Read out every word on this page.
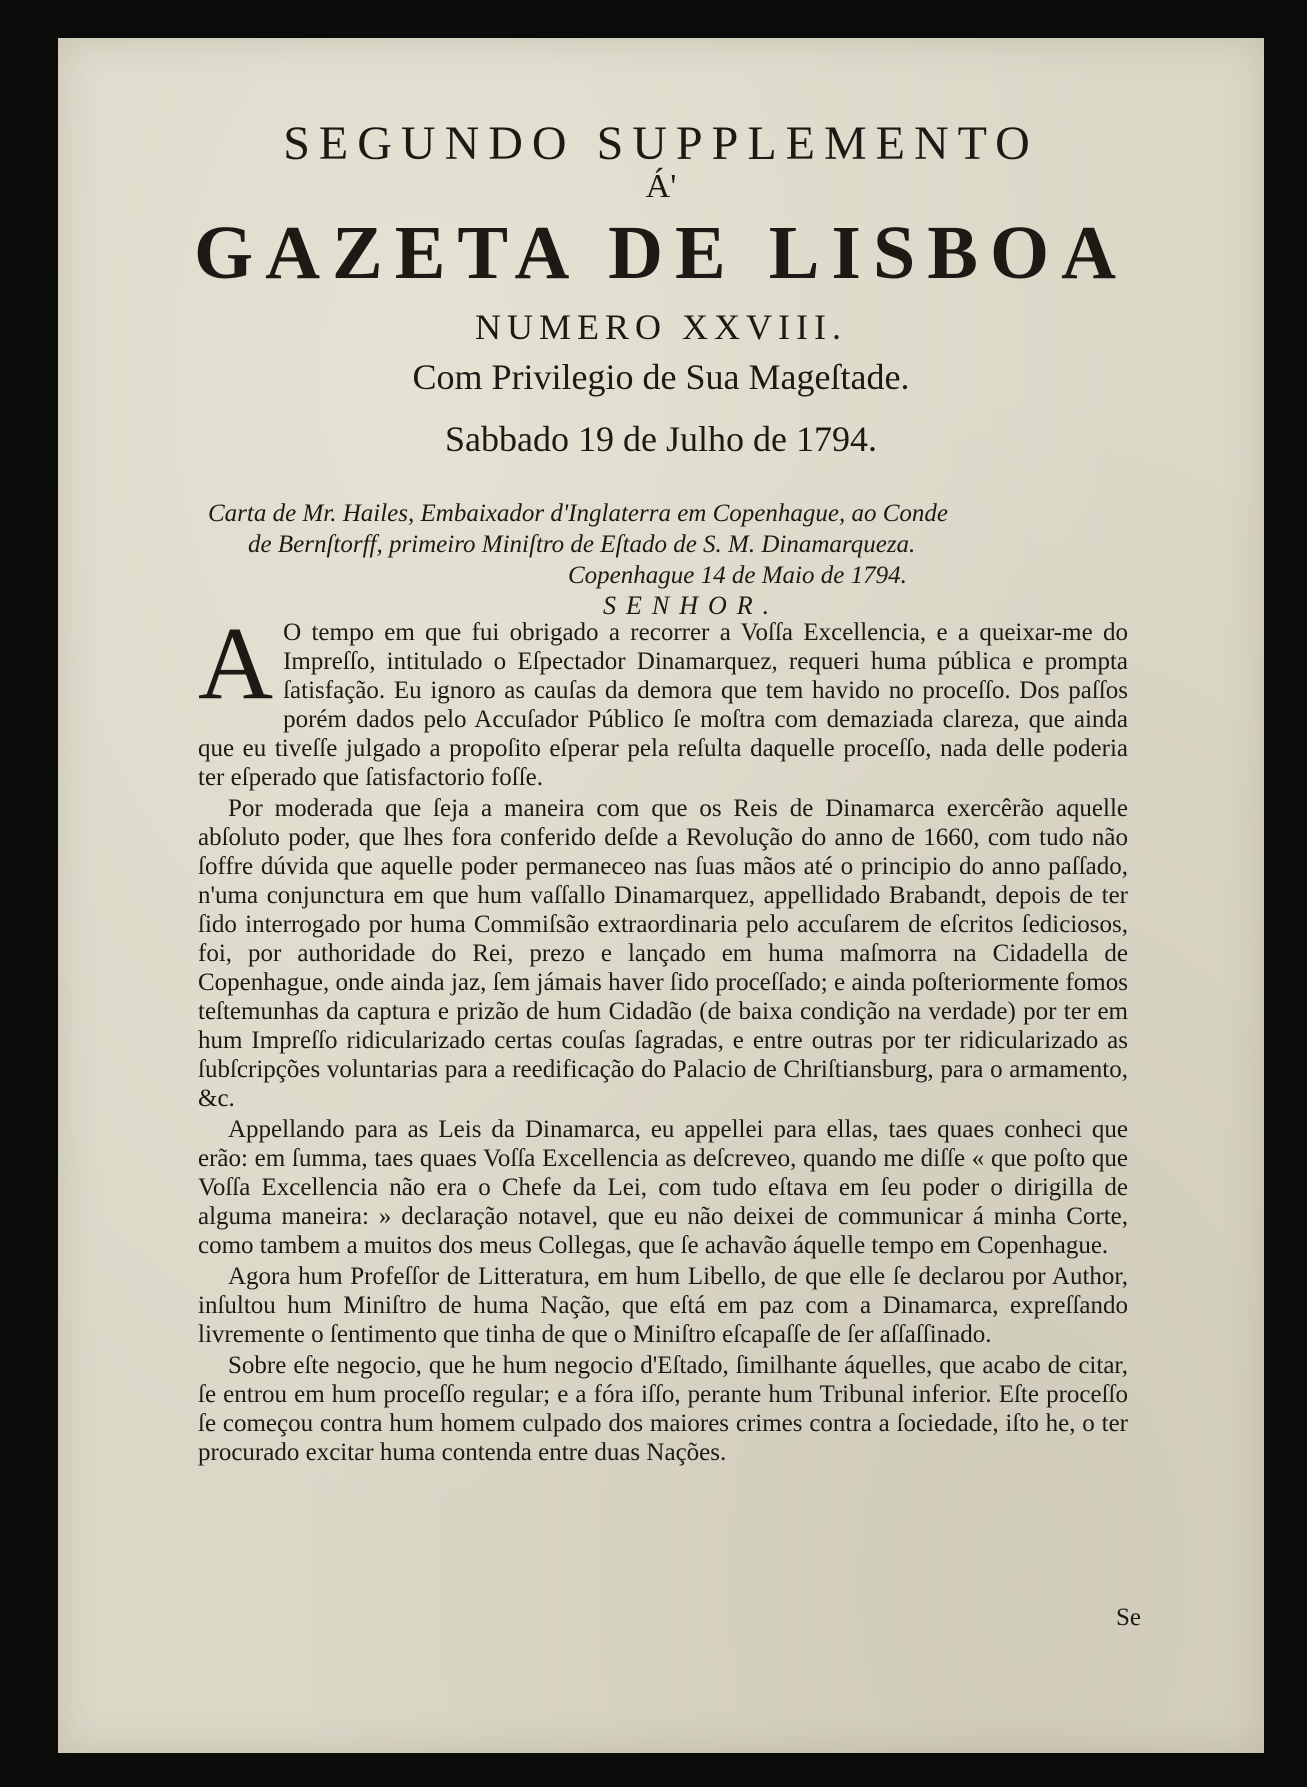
SEGUNDO SUPPLEMENTO
Á'
GAZETA DE LISBOA
NUMERO XXVIII.
Com Privilegio de Sua Mageſtade.
Sabbado 19 de Julho de 1794.
Carta de Mr. Hailes, Embaixador d'Inglaterra em Copenhague, ao Conde
de Bernſtorff, primeiro Miniſtro de Eſtado de S. M. Dinamarqueza.
Copenhague 14 de Maio de 1794.
SENHOR.

A O tempo em que fui obrigado a recorrer a Voſſa Excellencia, e a queixar-me do Impreſſo, intitulado o Eſpectador Dinamarquez, requeri huma pública e prompta ſatisfação. Eu ignoro as cauſas da demora que tem havido no proceſſo. Dos paſſos porém dados pelo Accuſador Público ſe moſtra com demaziada clareza, que ainda que eu tiveſſe julgado a propoſito eſperar pela reſulta daquelle proceſſo, nada delle poderia ter eſperado que ſatisfactorio foſſe.

Por moderada que ſeja a maneira com que os Reis de Dinamarca exercêrão aquelle abſoluto poder, que lhes fora conferido deſde a Revolução do anno de 1660, com tudo não ſoffre dúvida que aquelle poder permaneceo nas ſuas mãos até o principio do anno paſſado, n'uma conjunctura em que hum vaſſallo Dinamarquez, appellidado Brabandt, depois de ter ſido interrogado por huma Commiſsão extraordinaria pelo accuſarem de eſcritos ſediciosos, foi, por authoridade do Rei, prezo e lançado em huma maſmorra na Cidadella de Copenhague, onde ainda jaz, ſem jámais haver ſido proceſſado; e ainda poſteriormente fomos teſtemunhas da captura e prizão de hum Cidadão (de baixa condição na verdade) por ter em hum Impreſſo ridicularizado certas couſas ſagradas, e entre outras por ter ridicularizado as ſubſcripções voluntarias para a reedificação do Palacio de Chriſtiansburg, para o armamento, &c.

Appellando para as Leis da Dinamarca, eu appellei para ellas, taes quaes conheci que erão: em ſumma, taes quaes Voſſa Excellencia as deſcreveo, quando me diſſe « que poſto que Voſſa Excellencia não era o Chefe da Lei, com tudo eſtava em ſeu poder o dirigilla de alguma maneira: » declaração notavel, que eu não deixei de communicar á minha Corte, como tambem a muitos dos meus Collegas, que ſe achavão áquelle tempo em Copenhague.

Agora hum Profeſſor de Litteratura, em hum Libello, de que elle ſe declarou por Author, inſultou hum Miniſtro de huma Nação, que eſtá em paz com a Dinamarca, expreſſando livremente o ſentimento que tinha de que o Miniſtro eſcapaſſe de ſer aſſaſſinado.

Sobre eſte negocio, que he hum negocio d'Eſtado, ſimilhante áquelles, que acabo de citar, ſe entrou em hum proceſſo regular; e a fóra iſſo, perante hum Tribunal inferior. Eſte proceſſo ſe começou contra hum homem culpado dos maiores crimes contra a ſociedade, iſto he, o ter procurado excitar huma contenda entre duas Nações.

Se
